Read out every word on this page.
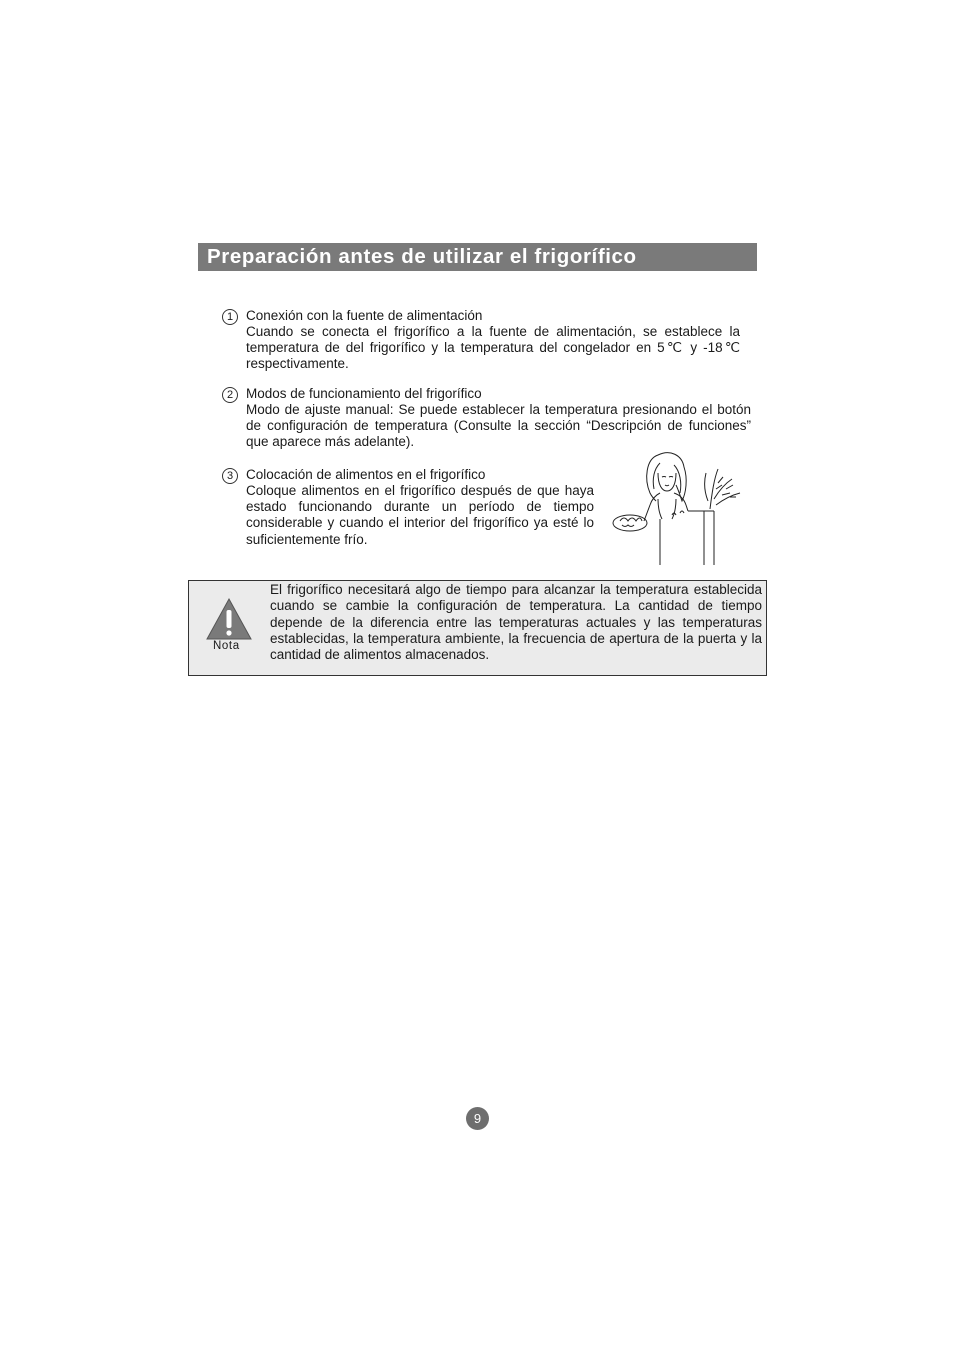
Preparación antes de utilizar el frigorífico
1 Conexión con la fuente de alimentación
Cuando se conecta el frigorífico a la fuente de alimentación, se establece la temperatura de del frigorífico y la temperatura del congelador en 5℃ y -18℃ respectivamente.
2 Modos de funcionamiento del frigorífico
Modo de ajuste manual: Se puede establecer la temperatura presionando el botón de configuración de temperatura (Consulte la sección “Descripción de funciones” que aparece más adelante).
3 Colocación de alimentos en el frigorífico
Coloque alimentos en el frigorífico después de que haya estado funcionando durante un período de tiempo considerable y cuando el interior del frigorífico ya esté lo suficientemente frío.
Nota
El frigorífico necesitará algo de tiempo para alcanzar la temperatura establecida cuando se cambie la configuración de temperatura. La cantidad de tiempo depende de la diferencia entre las temperaturas actuales y las temperaturas establecidas, la temperatura ambiente, la frecuencia de apertura de la puerta y la cantidad de alimentos almacenados.
9
